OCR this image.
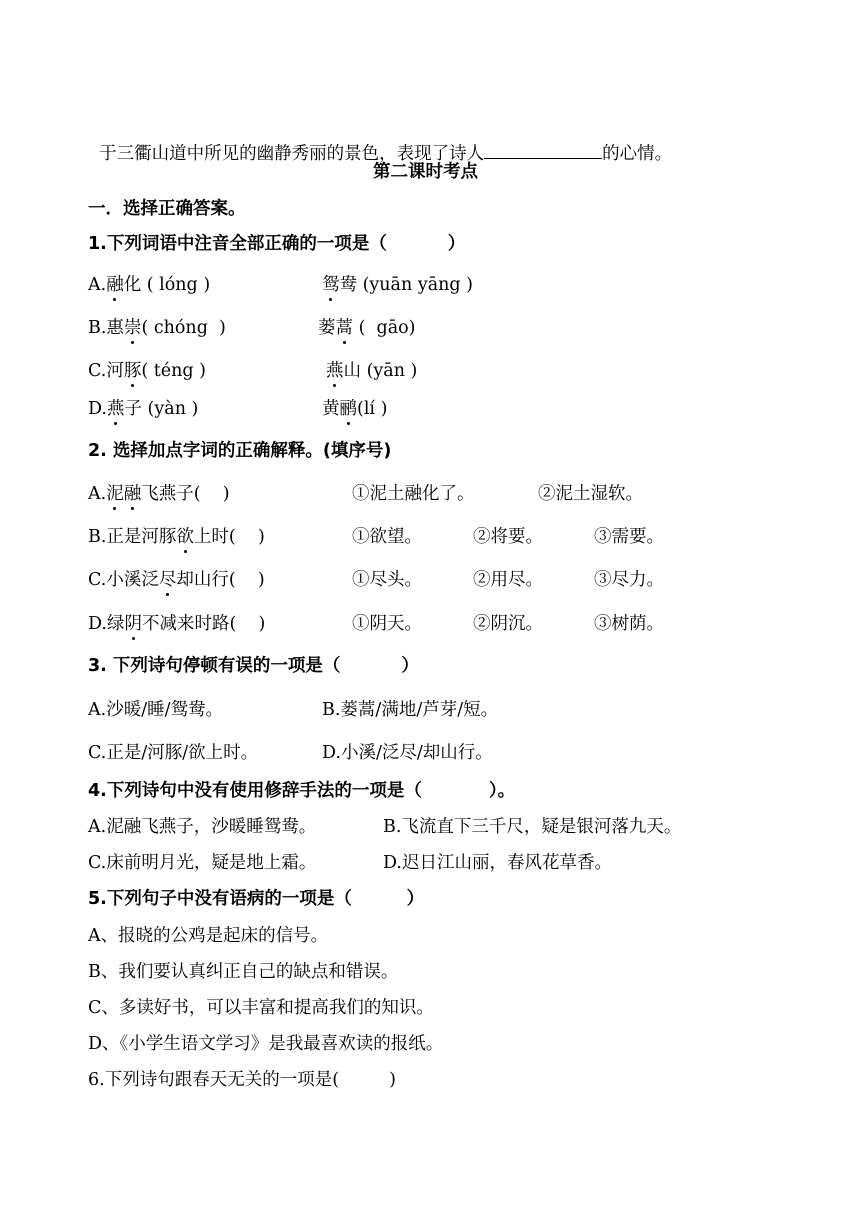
于三衢山道中所见的幽静秀丽的景色，表现了诗人	的心情。

第二课时考点
一．选择正确答案。
1.下列词语中注音全部正确的一项是（          ）
A.融化 ( lóng )	鸳鸯 (yuān yāng )
B.惠崇( chóng  )	蒌蒿 (  gāo)
C.河豚( téng )	燕山 (yān )
D.燕子 (yàn )	黄鹂(lí )
2. 选择加点字词的正确解释。(填序号)
A.泥融飞燕子(    )	①泥土融化了。	②泥土湿软。
B.正是河豚欲上时(    )	①欲望。	②将要。	③需要。
C.小溪泛尽却山行(    )	①尽头。	②用尽。	③尽力。
D.绿阴不减来时路(    )	①阴天。	②阴沉。	③树荫。
3. 下列诗句停顿有误的一项是（          ）
A.沙暖/睡/鸳鸯。	B.蒌蒿/满地/芦芽/短。
C.正是/河豚/欲上时。	D.小溪/泛尽/却山行。
4.下列诗句中没有使用修辞手法的一项是（           ）。
A.泥融飞燕子，沙暖睡鸳鸯。	B.飞流直下三千尺，疑是银河落九天。
C.床前明月光，疑是地上霜。	D.迟日江山丽，春风花草香。
5.下列句子中没有语病的一项是（         ）
A、报晓的公鸡是起床的信号。
B、我们要认真纠正自己的缺点和错误。
C、多读好书，可以丰富和提高我们的知识。
D、《小学生语文学习》是我最喜欢读的报纸。
6.下列诗句跟春天无关的一项是(         )
